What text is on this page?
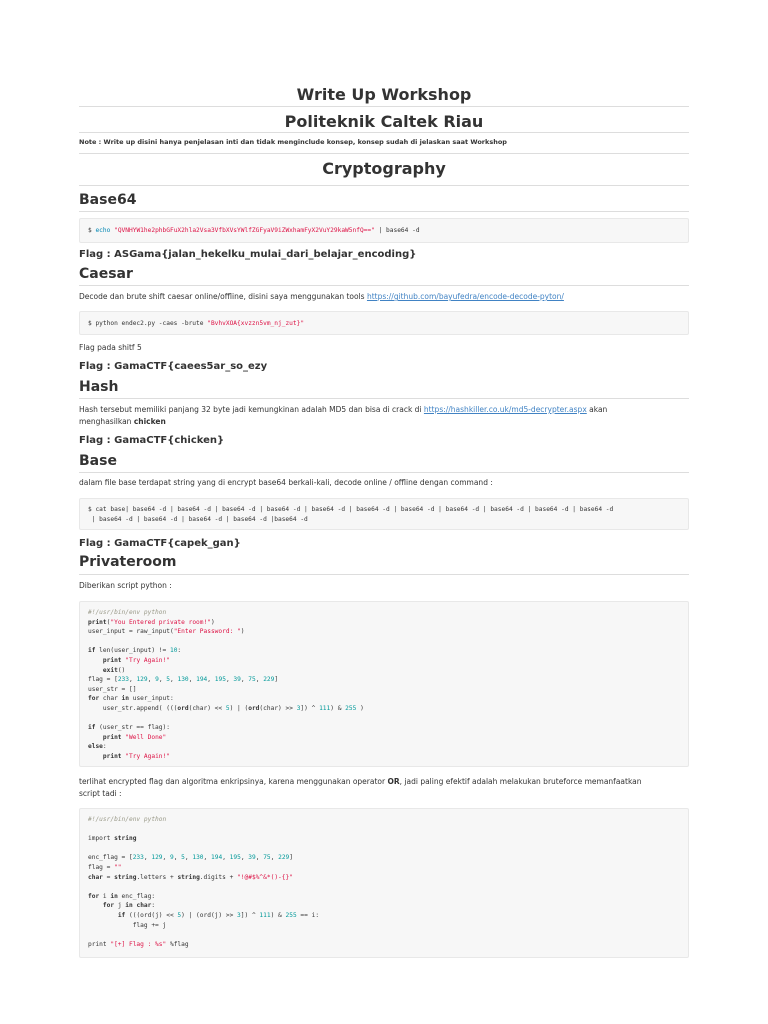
Write Up Workshop
Politeknik Caltek Riau
Note : Write up disini hanya penjelasan inti dan tidak menginclude konsep, konsep sudah di jelaskan saat Workshop
Cryptography
Base64
$ echo "QVNHYW1he2phbGFuX2hla2Vsa3VfbXVsYWlfZGFyaV9iZWxhamFyX2VuY29kaW5nfQ==" | base64 -d
Flag : ASGama{jalan_hekelku_mulai_dari_belajar_encoding}
Caesar
Decode dan brute shift caesar online/offline, disini saya menggunakan tools https://github.com/bayufedra/encode-decode-pyton/
$ python endec2.py -caes -brute "BvhvXOA{xvzzn5vm_nj_zut}"
Flag pada shitf 5
Flag : GamaCTF{caees5ar_so_ezy
Hash
Hash tersebut memiliki panjang 32 byte jadi kemungkinan adalah MD5 dan bisa di crack di https://hashkiller.co.uk/md5-decrypter.aspx akan
menghasilkan chicken
Flag : GamaCTF{chicken}
Base
dalam file base terdapat string yang di encrypt base64 berkali-kali, decode online / offline dengan command :
$ cat base| base64 -d | base64 -d | base64 -d | base64 -d | base64 -d | base64 -d | base64 -d | base64 -d | base64 -d | base64 -d | base64 -d
| base64 -d | base64 -d | base64 -d | base64 -d |base64 -d
Flag : GamaCTF{capek_gan}
Privateroom
Diberikan script python :
#!/usr/bin/env python
print("You Entered private room!")
user_input = raw_input("Enter Password: ")

if len(user_input) != 10:
print "Try Again!"
exit()
flag = [233, 129, 9, 5, 130, 194, 195, 39, 75, 229]
user_str = []
for char in user_input:
user_str.append( (((ord(char) << 5) | (ord(char) >> 3]) ^ 111) & 255 )

if (user_str == flag):
print "Well Done"
else:
print "Try Again!"
terlihat encrypted flag dan algoritma enkripsinya, karena menggunakan operator OR, jadi paling efektif adalah melakukan bruteforce memanfaatkan
script tadi :
#!/usr/bin/env python

import string

enc_flag = [233, 129, 9, 5, 130, 194, 195, 39, 75, 229]
flag = ""
char = string.letters + string.digits + "!@#$%^&*()-{}"

for i in enc_flag:
for j in char:
if (((ord(j) << 5) | (ord(j) >> 3]) ^ 111) & 255 == i:
flag += j

print "[+] Flag : %s" %flag
